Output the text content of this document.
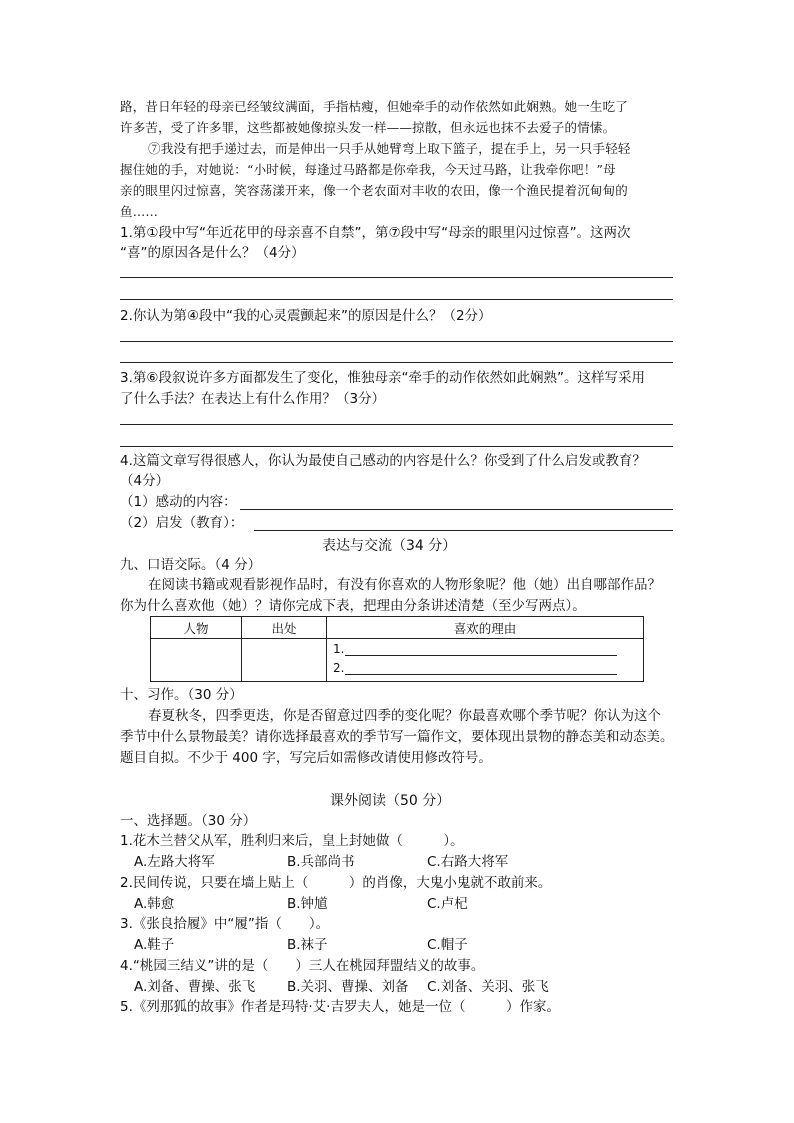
路，昔日年轻的母亲已经皱纹满面，手指枯瘦，但她牵手的动作依然如此娴熟。她一生吃了
许多苦，受了许多罪，这些都被她像掠头发一样——掠散，但永远也抹不去爱子的情愫。
⑦我没有把手递过去，而是伸出一只手从她臂弯上取下篮子，提在手上，另一只手轻轻
握住她的手，对她说：“小时候，每逢过马路都是你牵我，今天过马路，让我牵你吧！”母
亲的眼里闪过惊喜，笑容荡漾开来，像一个老农面对丰收的农田，像一个渔民提着沉甸甸的
鱼……
1.第①段中写“年近花甲的母亲喜不自禁”，第⑦段中写“母亲的眼里闪过惊喜”。这两次
“喜”的原因各是什么？（4分）
2.你认为第④段中“我的心灵震颤起来”的原因是什么？（2分）
3.第⑥段叙说许多方面都发生了变化，惟独母亲“牵手的动作依然如此娴熟”。这样写采用
了什么手法？在表达上有什么作用？（3分）
4.这篇文章写得很感人，你认为最使自己感动的内容是什么？你受到了什么启发或教育？
（4分）
（1）感动的内容：
（2）启发（教育）：
表达与交流（34 分）
九、口语交际。（4 分）
在阅读书籍或观看影视作品时，有没有你喜欢的人物形象呢？他（她）出自哪部作品？
你为什么喜欢他（她）？请你完成下表，把理由分条讲述清楚（至少写两点）。
人物	出处	喜欢的理由

		1.
2.
十、习作。（30 分）
春夏秋冬，四季更迭，你是否留意过四季的变化呢？你最喜欢哪个季节呢？你认为这个
季节中什么景物最美？请你选择最喜欢的季节写一篇作文，要体现出景物的静态美和动态美。
题目自拟。不少于 400 字，写完后如需修改请使用修改符号。
课外阅读（50 分）
一、选择题。（30 分）
1.花木兰替父从军，胜利归来后，皇上封她做（　　　）。
A.左路大将军	B.兵部尚书	C.右路大将军
2.民间传说，只要在墙上贴上（　　　）的肖像，大鬼小鬼就不敢前来。
A.韩愈	B.钟馗	C.卢杞
3.《张良拾履》中“履”指（　　）。
A.鞋子	B.袜子	C.帽子
4.“桃园三结义”讲的是（　　）三人在桃园拜盟结义的故事。
A.刘备、曹操、张飞 B.关羽、曹操、刘备 C.刘备、关羽、张飞
5.《列那狐的故事》作者是玛特·艾·吉罗夫人，她是一位（　　　）作家。
